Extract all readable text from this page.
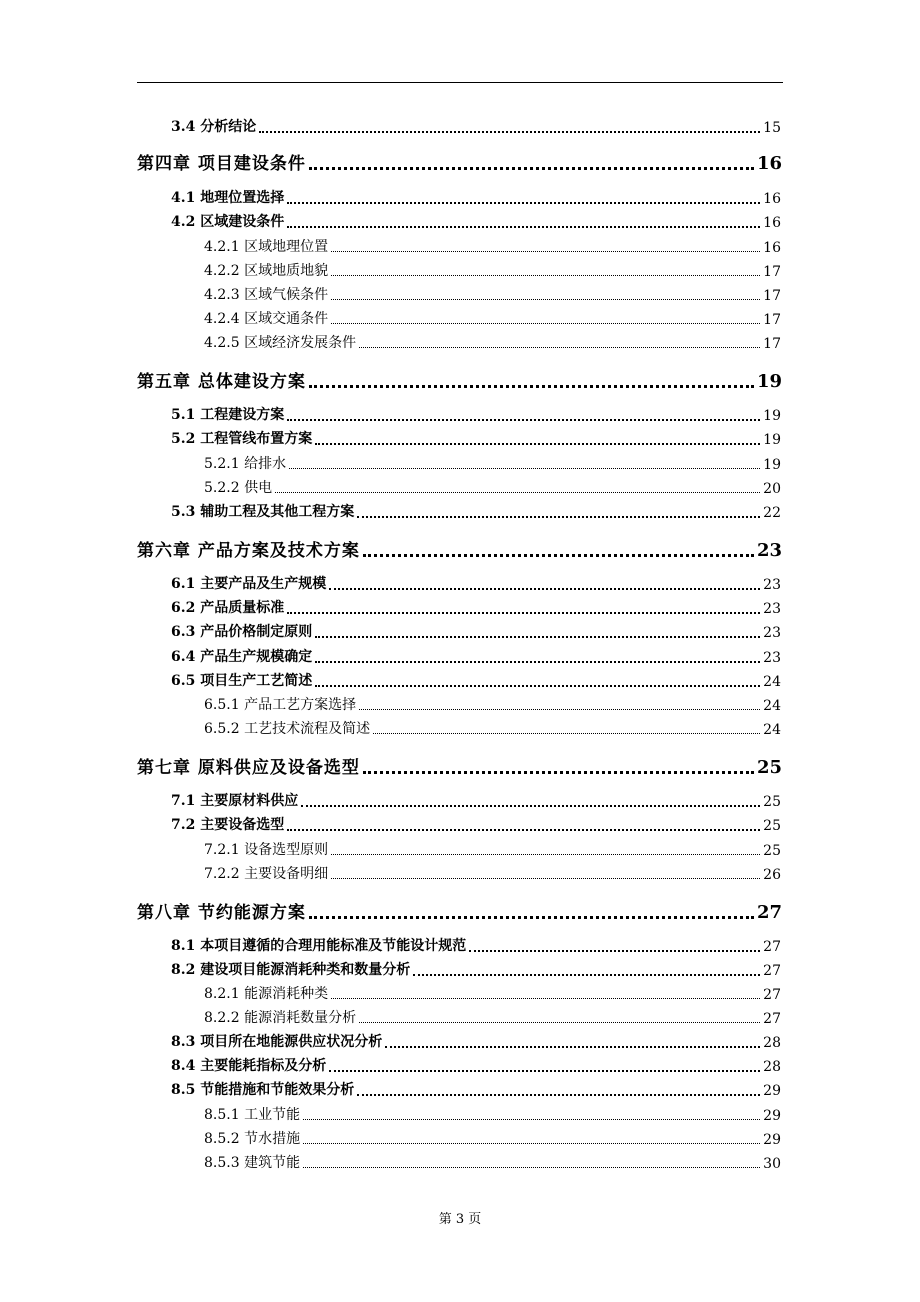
3.4 分析结论	15
第四章 项目建设条件	16
4.1 地理位置选择	16
4.2 区域建设条件	16
4.2.1 区域地理位置	16
4.2.2 区域地质地貌	17
4.2.3 区域气候条件	17
4.2.4 区域交通条件	17
4.2.5 区域经济发展条件	17
第五章 总体建设方案	19
5.1 工程建设方案	19
5.2 工程管线布置方案	19
5.2.1 给排水	19
5.2.2 供电	20
5.3 辅助工程及其他工程方案	22
第六章 产品方案及技术方案	23
6.1 主要产品及生产规模	23
6.2 产品质量标准	23
6.3 产品价格制定原则	23
6.4 产品生产规模确定	23
6.5 项目生产工艺简述	24
6.5.1 产品工艺方案选择	24
6.5.2 工艺技术流程及简述	24
第七章 原料供应及设备选型	25
7.1 主要原材料供应	25
7.2 主要设备选型	25
7.2.1 设备选型原则	25
7.2.2 主要设备明细	26
第八章 节约能源方案	27
8.1 本项目遵循的合理用能标准及节能设计规范	27
8.2 建设项目能源消耗种类和数量分析	27
8.2.1 能源消耗种类	27
8.2.2 能源消耗数量分析	27
8.3 项目所在地能源供应状况分析	28
8.4 主要能耗指标及分析	28
8.5 节能措施和节能效果分析	29
8.5.1 工业节能	29
8.5.2 节水措施	29
8.5.3 建筑节能	30
第 3 页
